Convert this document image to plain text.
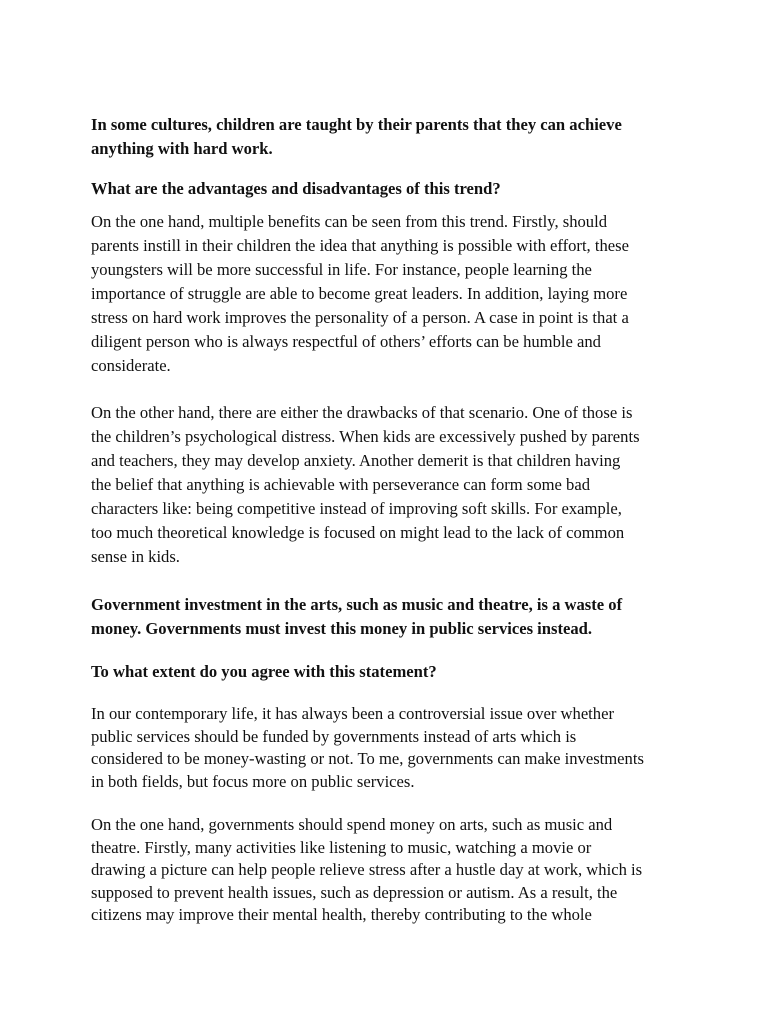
In some cultures, children are taught by their parents that they can achieve
anything with hard work.
What are the advantages and disadvantages of this trend?
On the one hand, multiple benefits can be seen from this trend. Firstly, should
parents instill in their children the idea that anything is possible with effort, these
youngsters will be more successful in life. For instance, people learning the
importance of struggle are able to become great leaders. In addition, laying more
stress on hard work improves the personality of a person. A case in point is that a
diligent person who is always respectful of others’ efforts can be humble and
considerate.
On the other hand, there are either the drawbacks of that scenario. One of those is
the children’s psychological distress. When kids are excessively pushed by parents
and teachers, they may develop anxiety. Another demerit is that children having
the belief that anything is achievable with perseverance can form some bad
characters like: being competitive instead of improving soft skills. For example,
too much theoretical knowledge is focused on might lead to the lack of common
sense in kids.
Government investment in the arts, such as music and theatre, is a waste of
money. Governments must invest this money in public services instead.
To what extent do you agree with this statement?
In our contemporary life, it has always been a controversial issue over whether
public services should be funded by governments instead of arts which is
considered to be money-wasting or not. To me, governments can make investments
in both fields, but focus more on public services.
On the one hand, governments should spend money on arts, such as music and
theatre. Firstly, many activities like listening to music, watching a movie or
drawing a picture can help people relieve stress after a hustle day at work, which is
supposed to prevent health issues, such as depression or autism. As a result, the
citizens may improve their mental health, thereby contributing to the whole
